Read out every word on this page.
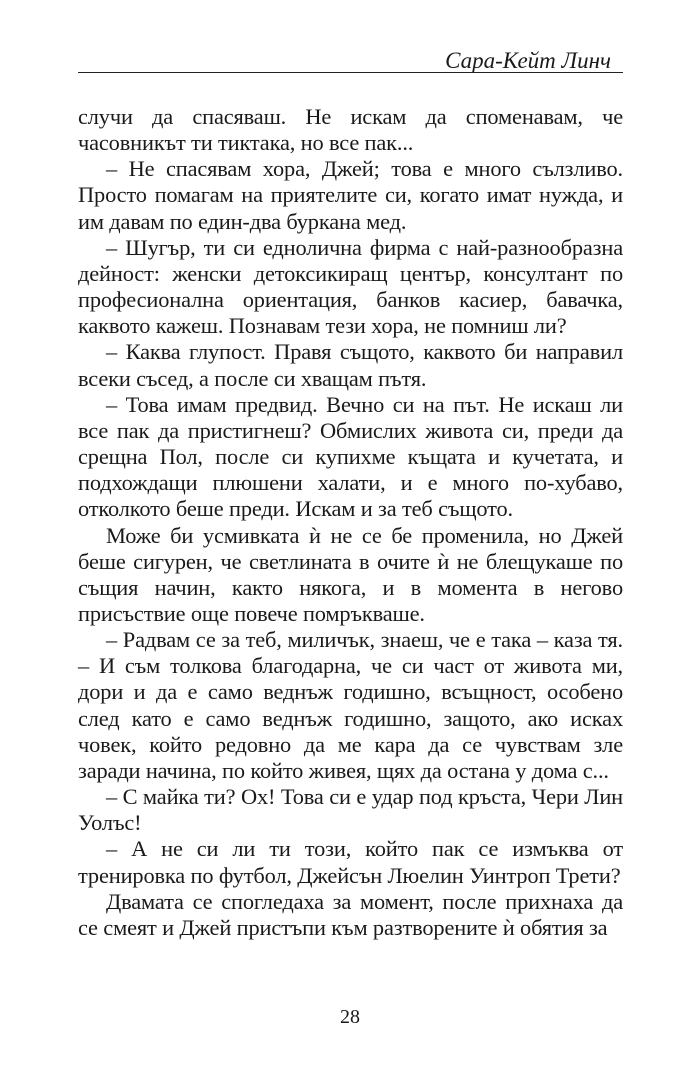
Сара-Кейт Линч

случи да спасяваш. Не искам да споменавам, че часовникът ти тиктака, но все пак...

– Не спасявам хора, Джей; това е много сълзливо. Просто помагам на приятелите си, когато имат нужда, и им давам по един-два буркана мед.

– Шугър, ти си еднолична фирма с най-разнообразна дейност: женски детоксикиращ център, консултант по професионална ориентация, банков касиер, бавачка, каквото кажеш. Познавам тези хора, не помниш ли?

– Каква глупост. Правя същото, каквото би направил всеки съсед, а после си хващам пътя.

– Това имам предвид. Вечно си на път. Не искаш ли все пак да пристигнеш? Обмислих живота си, преди да срещна Пол, после си купихме къщата и кучетата, и подхождащи плюшени халати, и е много по-хубаво, отколкото беше преди. Искам и за теб същото.

Може би усмивката ѝ не се бе променила, но Джей беше сигурен, че светлината в очите ѝ не блещукаше по същия начин, както някога, и в момента в негово присъствие още повече помръкваше.

– Радвам се за теб, миличък, знаеш, че е така – каза тя. – И съм толкова благодарна, че си част от живота ми, дори и да е само веднъж годишно, всъщност, особено след като е само веднъж годишно, защото, ако исках човек, който редовно да ме кара да се чувствам зле заради начина, по който живея, щях да остана у дома с...

– С майка ти? Ох! Това си е удар под кръста, Чери Лин Уолъс!

– А не си ли ти този, който пак се измъква от тренировка по футбол, Джейсън Люелин Уинтроп Трети?

Двамата се спогледаха за момент, после прихнаха да се смеят и Джей пристъпи към разтворените ѝ обятия за

28
